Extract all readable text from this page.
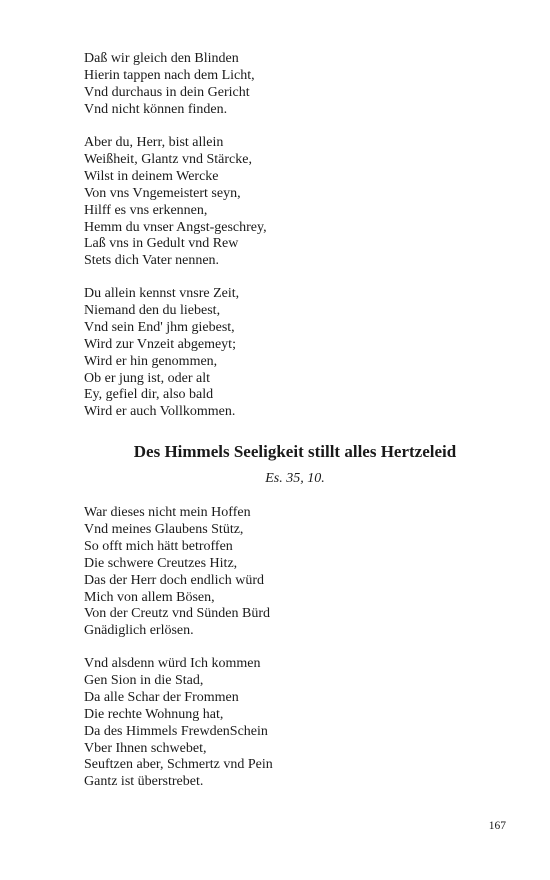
Daß wir gleich den Blinden
Hierin tappen nach dem Licht,
Vnd durchaus in dein Gericht
Vnd nicht können finden.
Aber du, Herr, bist allein
Weißheit, Glantz vnd Stärcke,
Wilst in deinem Wercke
Von vns Vngemeistert seyn,
Hilff es vns erkennen,
Hemm du vnser Angst-geschrey,
Laß vns in Gedult vnd Rew
Stets dich Vater nennen.
Du allein kennst vnsre Zeit,
Niemand den du liebest,
Vnd sein End' jhm giebest,
Wird zur Vnzeit abgemeyt;
Wird er hin genommen,
Ob er jung ist, oder alt
Ey, gefiel dir, also bald
Wird er auch Vollkommen.
Des Himmels Seeligkeit stillt alles Hertzeleid
Es. 35, 10.
War dieses nicht mein Hoffen
Vnd meines Glaubens Stütz,
So offt mich hätt betroffen
Die schwere Creutzes Hitz,
Das der Herr doch endlich würd
Mich von allem Bösen,
Von der Creutz vnd Sünden Bürd
Gnädiglich erlösen.
Vnd alsdenn würd Ich kommen
Gen Sion in die Stad,
Da alle Schar der Frommen
Die rechte Wohnung hat,
Da des Himmels FrewdenSchein
Vber Ihnen schwebet,
Seuftzen aber, Schmertz vnd Pein
Gantz ist überstrebet.
167
